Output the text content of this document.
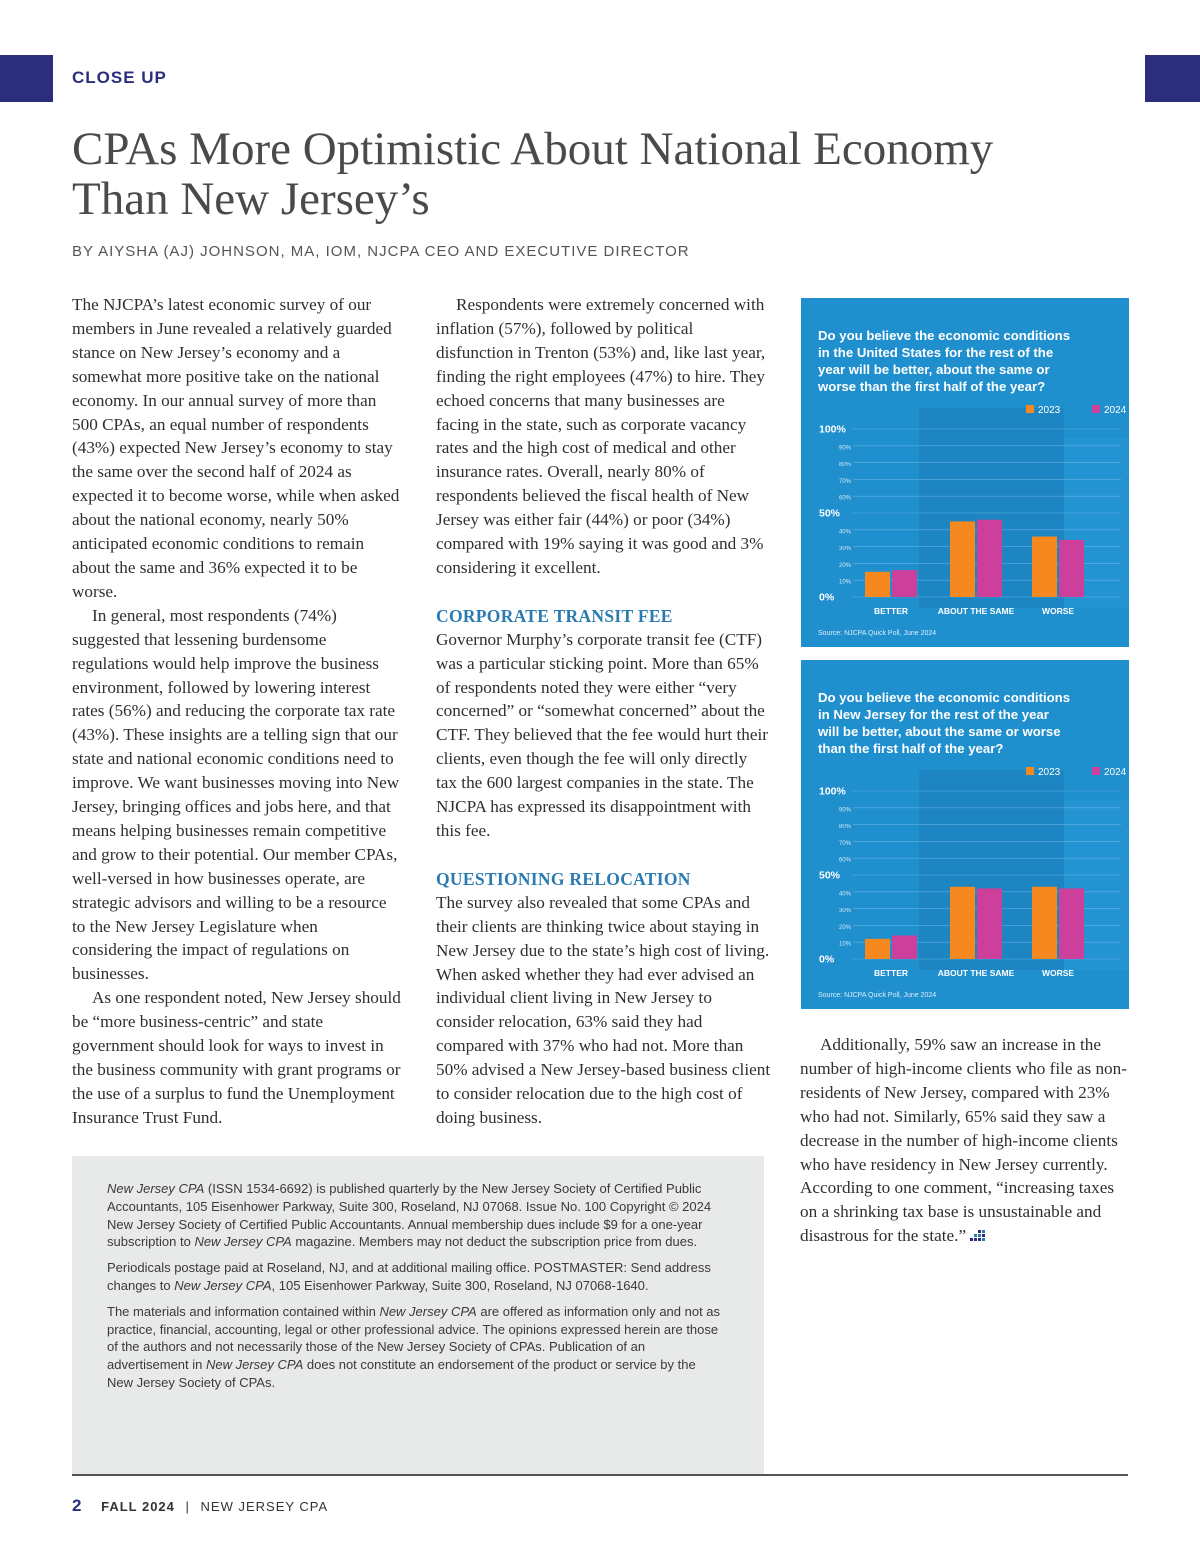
CLOSE UP
CPAs More Optimistic About National Economy
Than New Jersey’s
BY AIYSHA (AJ) JOHNSON, MA, IOM, NJCPA CEO AND EXECUTIVE DIRECTOR

The NJCPA’s latest economic survey of our members in June revealed a relatively guarded stance on New Jersey’s economy and a somewhat more positive take on the national economy. In our annual survey of more than 500 CPAs, an equal number of respondents (43%) expected New Jersey’s economy to stay the same over the second half of 2024 as expected it to become worse, while when asked about the national economy, nearly 50% anticipated economic conditions to remain about the same and 36% expected it to be worse.

In general, most respondents (74%) suggested that lessening burdensome regulations would help improve the business environment, followed by lowering interest rates (56%) and reducing the corporate tax rate (43%). These insights are a telling sign that our state and national economic conditions need to improve. We want businesses moving into New Jersey, bringing offices and jobs here, and that means helping businesses remain competitive and grow to their potential. Our member CPAs, well-versed in how businesses operate, are strategic advisors and willing to be a resource to the New Jersey Legislature when considering the impact of regulations on businesses.

As one respondent noted, New Jersey should be “more business-centric” and state government should look for ways to invest in the business community with grant programs or the use of a surplus to fund the Unemployment Insurance Trust Fund.

Respondents were extremely concerned with inflation (57%), followed by political disfunction in Trenton (53%) and, like last year, finding the right employees (47%) to hire. They echoed concerns that many businesses are facing in the state, such as corporate vacancy rates and the high cost of medical and other insurance rates. Overall, nearly 80% of respondents believed the fiscal health of New Jersey was either fair (44%) or poor (34%) compared with 19% saying it was good and 3% considering it excellent.

CORPORATE TRANSIT FEE

Governor Murphy’s corporate transit fee (CTF) was a particular sticking point. More than 65% of respondents noted they were either “very concerned” or “somewhat concerned” about the CTF. They believed that the fee would hurt their clients, even though the fee will only directly tax the 600 largest companies in the state. The NJCPA has expressed its disappointment with this fee.

QUESTIONING RELOCATION

The survey also revealed that some CPAs and their clients are thinking twice about staying in New Jersey due to the state’s high cost of living. When asked whether they had ever advised an individual client living in New Jersey to consider relocation, 63% said they had compared with 37% who had not. More than 50% advised a New Jersey-based business client to consider relocation due to the high cost of doing business.

Additionally, 59% saw an increase in the number of high-income clients who file as non-residents of New Jersey, compared with 23% who had not. Similarly, 65% said they saw a decrease in the number of high-income clients who have residency in New Jersey currently. According to one comment, “increasing taxes on a shrinking tax base is unsustainable and disastrous for the state.”

Do you believe the economic conditions in the United States for the rest of the year will be better, about the same or worse than the first half of the year?
2023	2024
100%
90%
80%
70%
60%
50%
40%
30%
20%
10%
0%
BETTER	ABOUT THE SAME	WORSE
Source: NJCPA Quick Poll, June 2024
Do you believe the economic conditions in New Jersey for the rest of the year will be better, about the same or worse than the first half of the year?
2023	2024
100%
90%
80%
70%
60%
50%
40%
30%
20%
10%
0%
BETTER	ABOUT THE SAME	WORSE
Source: NJCPA Quick Poll, June 2024

New Jersey CPA (ISSN 1534-6692) is published quarterly by the New Jersey Society of Certified Public Accountants, 105 Eisenhower Parkway, Suite 300, Roseland, NJ 07068. Issue No. 100 Copyright © 2024 New Jersey Society of Certified Public Accountants. Annual membership dues include $9 for a one-year subscription to New Jersey CPA magazine. Members may not deduct the subscription price from dues.

Periodicals postage paid at Roseland, NJ, and at additional mailing office. POSTMASTER: Send address changes to New Jersey CPA, 105 Eisenhower Parkway, Suite 300, Roseland, NJ 07068-1640.

The materials and information contained within New Jersey CPA are offered as information only and not as practice, financial, accounting, legal or other professional advice. The opinions expressed herein are those of the authors and not necessarily those of the New Jersey Society of CPAs. Publication of an advertisement in New Jersey CPA does not constitute an endorsement of the product or service by the New Jersey Society of CPAs.

2 FALL 2024 | NEW JERSEY CPA
